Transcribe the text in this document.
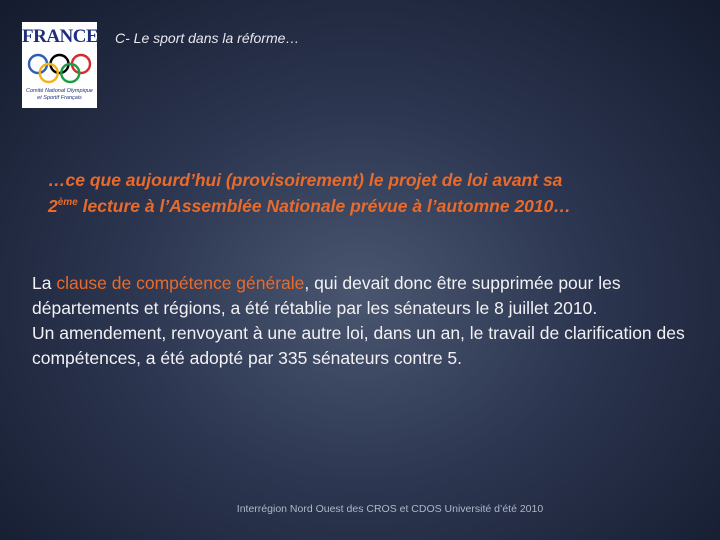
FRANCE
Comité National Olympique
et Sportif Français
C- Le sport dans la réforme…
…ce que aujourd’hui (provisoirement) le projet de loi avant sa
2ème lecture à l’Assemblée Nationale prévue à l’automne 2010…
La clause de compétence générale, qui devait donc être supprimée pour les départements et régions, a été rétablie par les sénateurs le 8 juillet 2010.
Un amendement, renvoyant à une autre loi, dans un an, le travail de clarification des compétences, a été adopté par 335 sénateurs contre 5.
Interrégion Nord Ouest des CROS et CDOS Université d’été 2010
